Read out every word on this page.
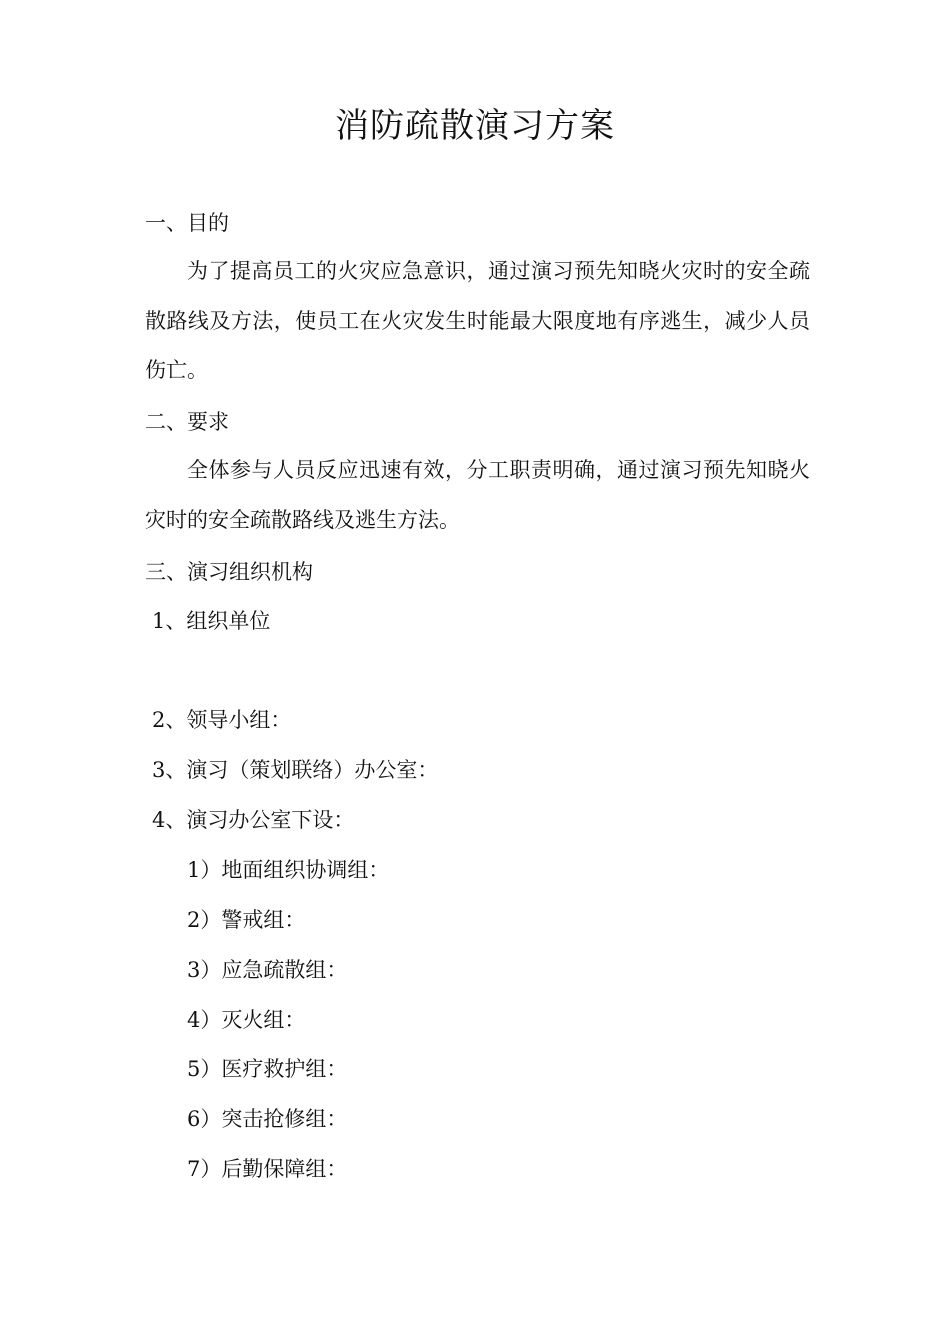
消防疏散演习方案
一、目的
为了提高员工的火灾应急意识，通过演习预先知晓火灾时的安全疏散路线及方法，使员工在火灾发生时能最大限度地有序逃生，减少人员伤亡。
二、要求
全体参与人员反应迅速有效，分工职责明确，通过演习预先知晓火灾时的安全疏散路线及逃生方法。
三、演习组织机构
1、组织单位
2、领导小组：
3、演习（策划联络）办公室：
4、演习办公室下设：
1）地面组织协调组：
2）警戒组：
3）应急疏散组：
4）灭火组：
5）医疗救护组：
6）突击抢修组：
7）后勤保障组：
